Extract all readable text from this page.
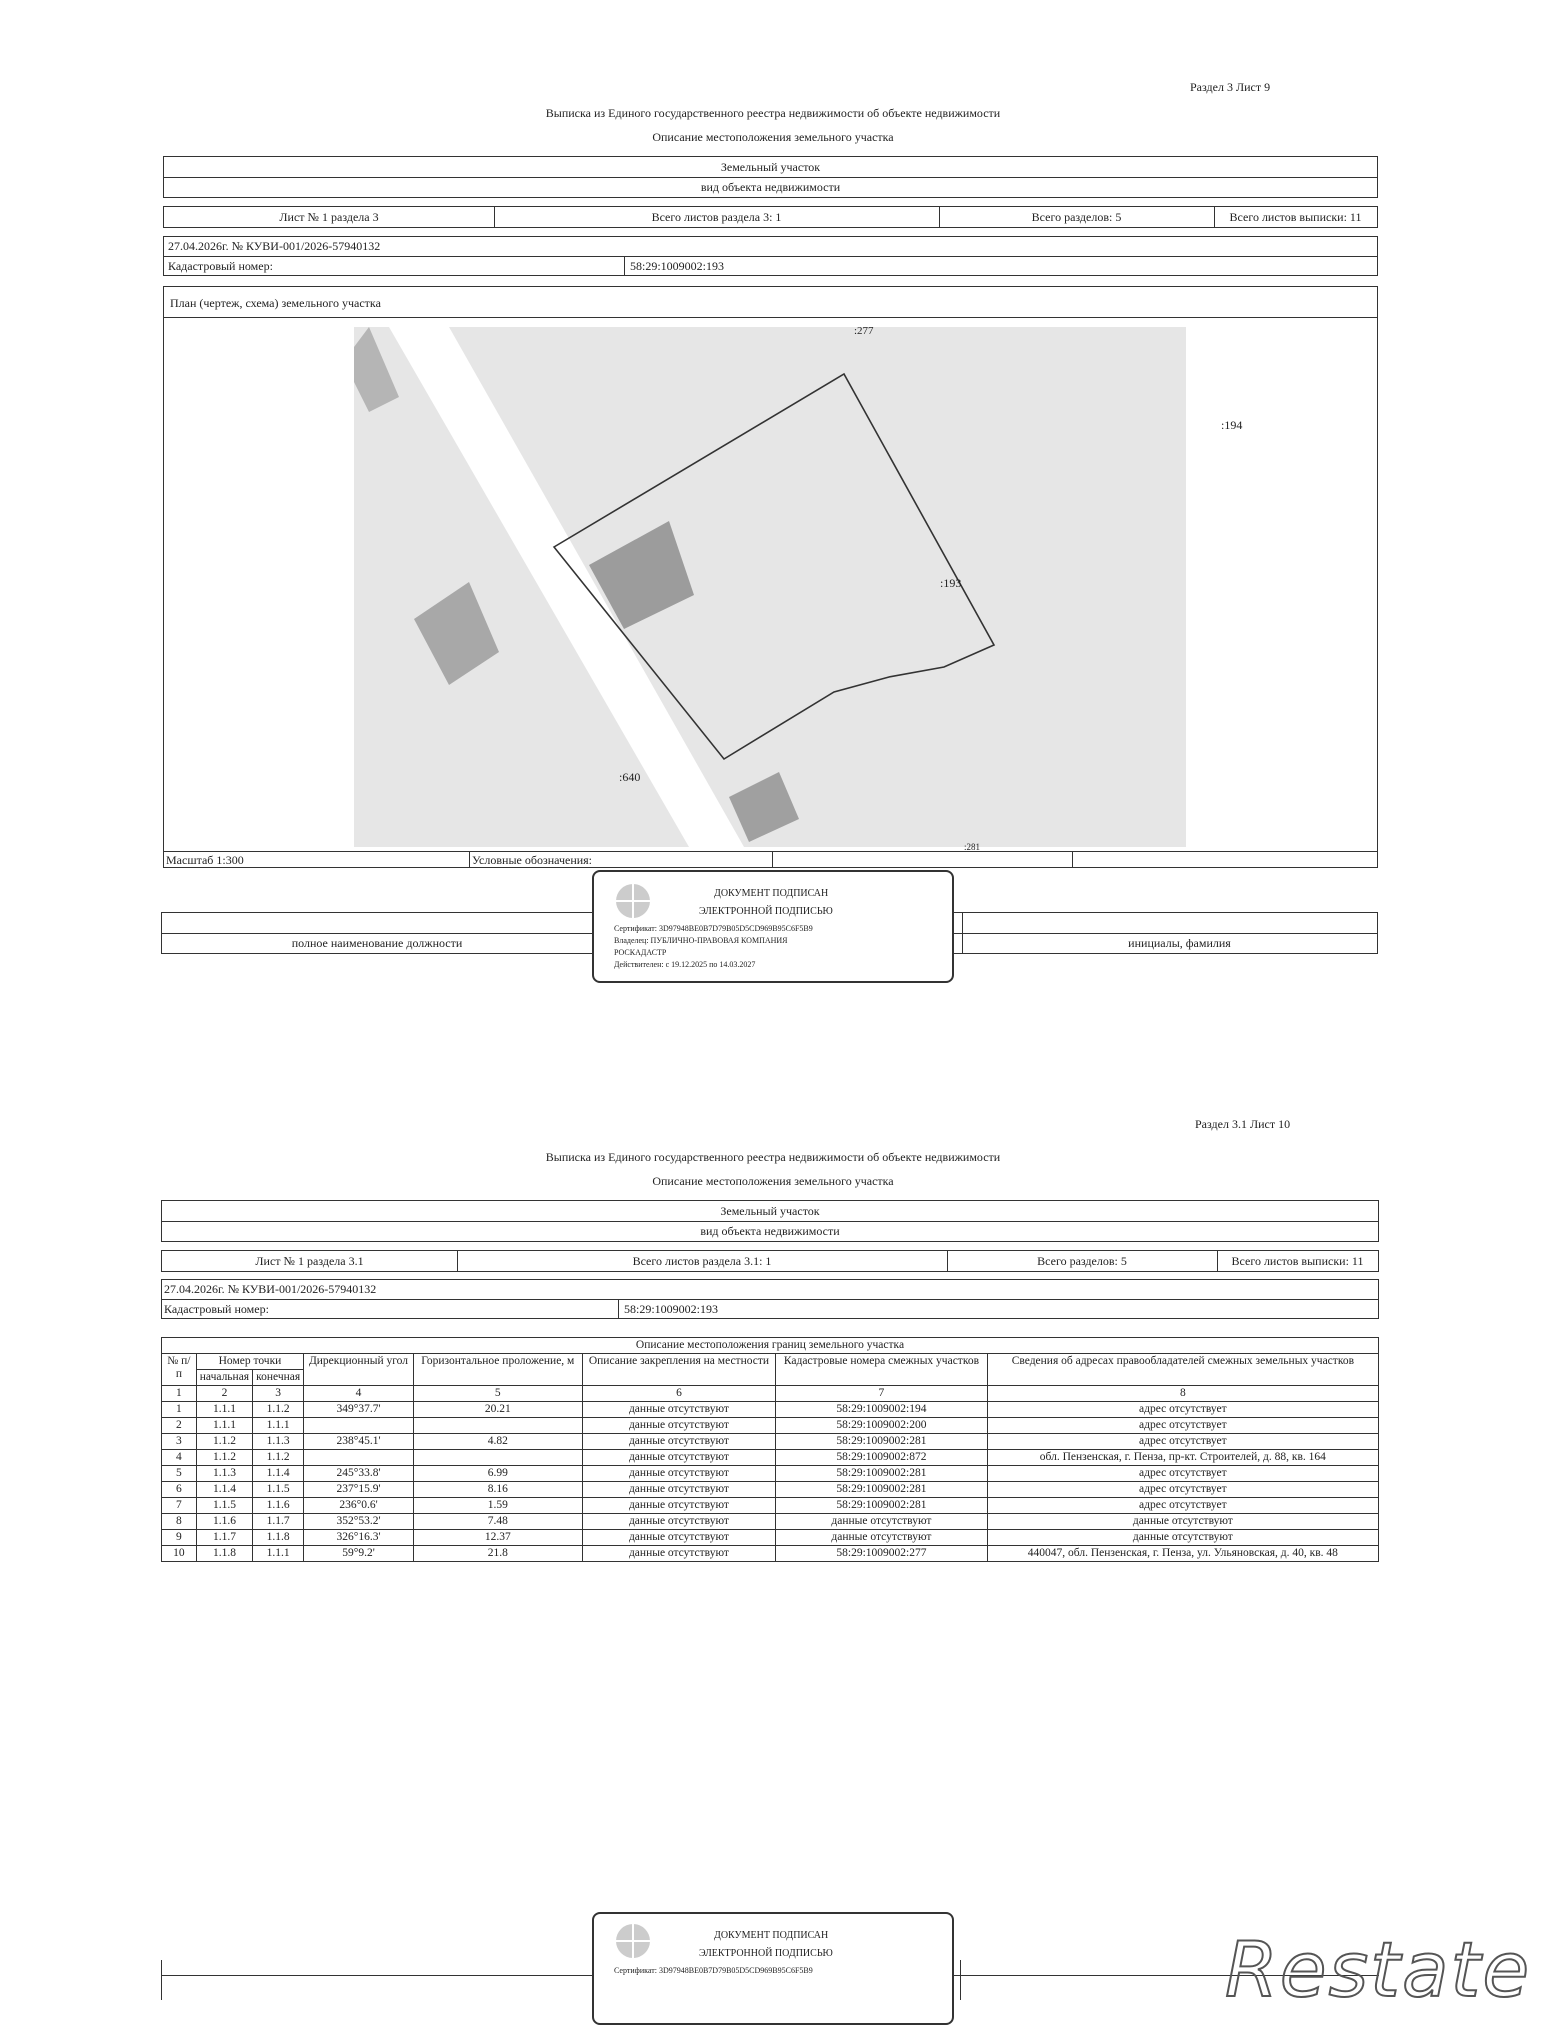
Раздел 3 Лист 9
Выписка из Единого государственного реестра недвижимости об объекте недвижимости
Описание местоположения земельного участка
Земельный участок
вид объекта недвижимости
Лист № 1 раздела 3	Всего листов раздела 3: 1	Всего разделов: 5	Всего листов выписки: 11
27.04.2026г. № КУВИ-001/2026-57940132
Кадастровый номер:	58:29:1009002:193
План (чертеж, схема) земельного участка
:277
:194
:193
:640
:281
Масштаб 1:300	Условные обозначения:
полное наименование должности	инициалы, фамилия
ДОКУМЕНТ ПОДПИСАН
ЭЛЕКТРОННОЙ ПОДПИСЬЮ
Сертификат: 3D97948BE0B7D79B05D5CD969B95C6F5B9
Владелец: ПУБЛИЧНО-ПРАВОВАЯ КОМПАНИЯ
РОСКАДАСТР
Действителен: с 19.12.2025 по 14.03.2027
Раздел 3.1 Лист 10
Выписка из Единого государственного реестра недвижимости об объекте недвижимости
Описание местоположения земельного участка
Земельный участок
вид объекта недвижимости
Лист № 1 раздела 3.1	Всего листов раздела 3.1: 1	Всего разделов: 5	Всего листов выписки: 11
27.04.2026г. № КУВИ-001/2026-57940132
Кадастровый номер:	58:29:1009002:193
Описание местоположения границ земельного участка							
№ п/п	Номер точки		Дирекционный угол	Горизонтальное проложение, м	Описание закрепления на местности	Кадастровые номера смежных участков	Сведения об адресах правообладателей смежных земельных участков
	начальная	конечная					
1	2	3	4	5	6	7	8
1	1.1.1	1.1.2	349°37.7'	20.21	данные отсутствуют	58:29:1009002:194	адрес отсутствует
2	1.1.1	1.1.1			данные отсутствуют	58:29:1009002:200	адрес отсутствует
3	1.1.2	1.1.3	238°45.1'	4.82	данные отсутствуют	58:29:1009002:281	адрес отсутствует
4	1.1.2	1.1.2			данные отсутствуют	58:29:1009002:872	обл. Пензенская, г. Пенза, пр-кт. Строителей, д. 88, кв. 164
5	1.1.3	1.1.4	245°33.8'	6.99	данные отсутствуют	58:29:1009002:281	адрес отсутствует
6	1.1.4	1.1.5	237°15.9'	8.16	данные отсутствуют	58:29:1009002:281	адрес отсутствует
7	1.1.5	1.1.6	236°0.6'	1.59	данные отсутствуют	58:29:1009002:281	адрес отсутствует
8	1.1.6	1.1.7	352°53.2'	7.48	данные отсутствуют	данные отсутствуют	данные отсутствуют
9	1.1.7	1.1.8	326°16.3'	12.37	данные отсутствуют	данные отсутствуют	данные отсутствуют
10	1.1.8	1.1.1	59°9.2'	21.8	данные отсутствуют	58:29:1009002:277	440047, обл. Пензенская, г. Пенза, ул. Ульяновская, д. 40, кв. 48
ДОКУМЕНТ ПОДПИСАН
ЭЛЕКТРОННОЙ ПОДПИСЬЮ
Сертификат: 3D97948BE0B7D79B05D5CD969B95C6F5B9	Restate
